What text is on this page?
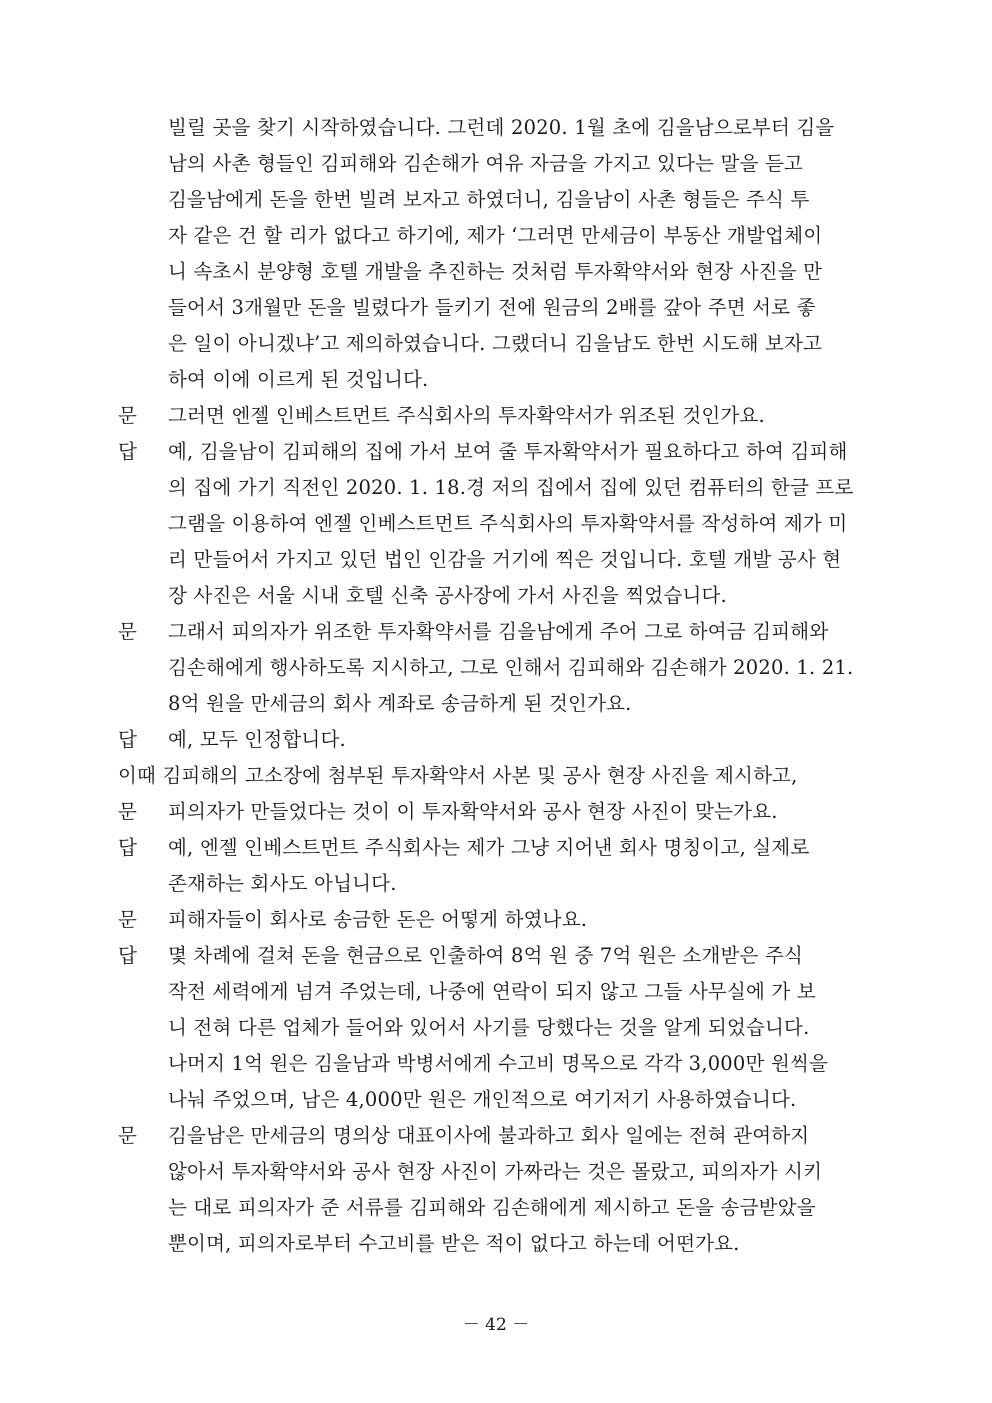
빌릴 곳을 찾기 시작하였습니다. 그런데 2020. 1월 초에 김을남으로부터 김을
남의 사촌 형들인 김피해와 김손해가 여유 자금을 가지고 있다는 말을 듣고
김을남에게 돈을 한번 빌려 보자고 하였더니, 김을남이 사촌 형들은 주식 투
자 같은 건 할 리가 없다고 하기에, 제가 ‘그러면 만세금이 부동산 개발업체이
니 속초시 분양형 호텔 개발을 추진하는 것처럼 투자확약서와 현장 사진을 만
들어서 3개월만 돈을 빌렸다가 들키기 전에 원금의 2배를 갚아 주면 서로 좋
은 일이 아니겠냐’고 제의하였습니다. 그랬더니 김을남도 한번 시도해 보자고
하여 이에 이르게 된 것입니다.
문 그러면 엔젤 인베스트먼트 주식회사의 투자확약서가 위조된 것인가요.
답 예, 김을남이 김피해의 집에 가서 보여 줄 투자확약서가 필요하다고 하여 김피해
의 집에 가기 직전인 2020. 1. 18.경 저의 집에서 집에 있던 컴퓨터의 한글 프로
그램을 이용하여 엔젤 인베스트먼트 주식회사의 투자확약서를 작성하여 제가 미
리 만들어서 가지고 있던 법인 인감을 거기에 찍은 것입니다. 호텔 개발 공사 현
장 사진은 서울 시내 호텔 신축 공사장에 가서 사진을 찍었습니다.
문 그래서 피의자가 위조한 투자확약서를 김을남에게 주어 그로 하여금 김피해와
김손해에게 행사하도록 지시하고, 그로 인해서 김피해와 김손해가 2020. 1. 21.
8억 원을 만세금의 회사 계좌로 송금하게 된 것인가요.
답 예, 모두 인정합니다.
이때 김피해의 고소장에 첨부된 투자확약서 사본 및 공사 현장 사진을 제시하고,
문 피의자가 만들었다는 것이 이 투자확약서와 공사 현장 사진이 맞는가요.
답 예, 엔젤 인베스트먼트 주식회사는 제가 그냥 지어낸 회사 명칭이고, 실제로
존재하는 회사도 아닙니다.
문 피해자들이 회사로 송금한 돈은 어떻게 하였나요.
답 몇 차례에 걸쳐 돈을 현금으로 인출하여 8억 원 중 7억 원은 소개받은 주식
작전 세력에게 넘겨 주었는데, 나중에 연락이 되지 않고 그들 사무실에 가 보
니 전혀 다른 업체가 들어와 있어서 사기를 당했다는 것을 알게 되었습니다.
나머지 1억 원은 김을남과 박병서에게 수고비 명목으로 각각 3,000만 원씩을
나눠 주었으며, 남은 4,000만 원은 개인적으로 여기저기 사용하였습니다.
문 김을남은 만세금의 명의상 대표이사에 불과하고 회사 일에는 전혀 관여하지
않아서 투자확약서와 공사 현장 사진이 가짜라는 것은 몰랐고, 피의자가 시키
는 대로 피의자가 준 서류를 김피해와 김손해에게 제시하고 돈을 송금받았을
뿐이며, 피의자로부터 수고비를 받은 적이 없다고 하는데 어떤가요.
－ 42 －
